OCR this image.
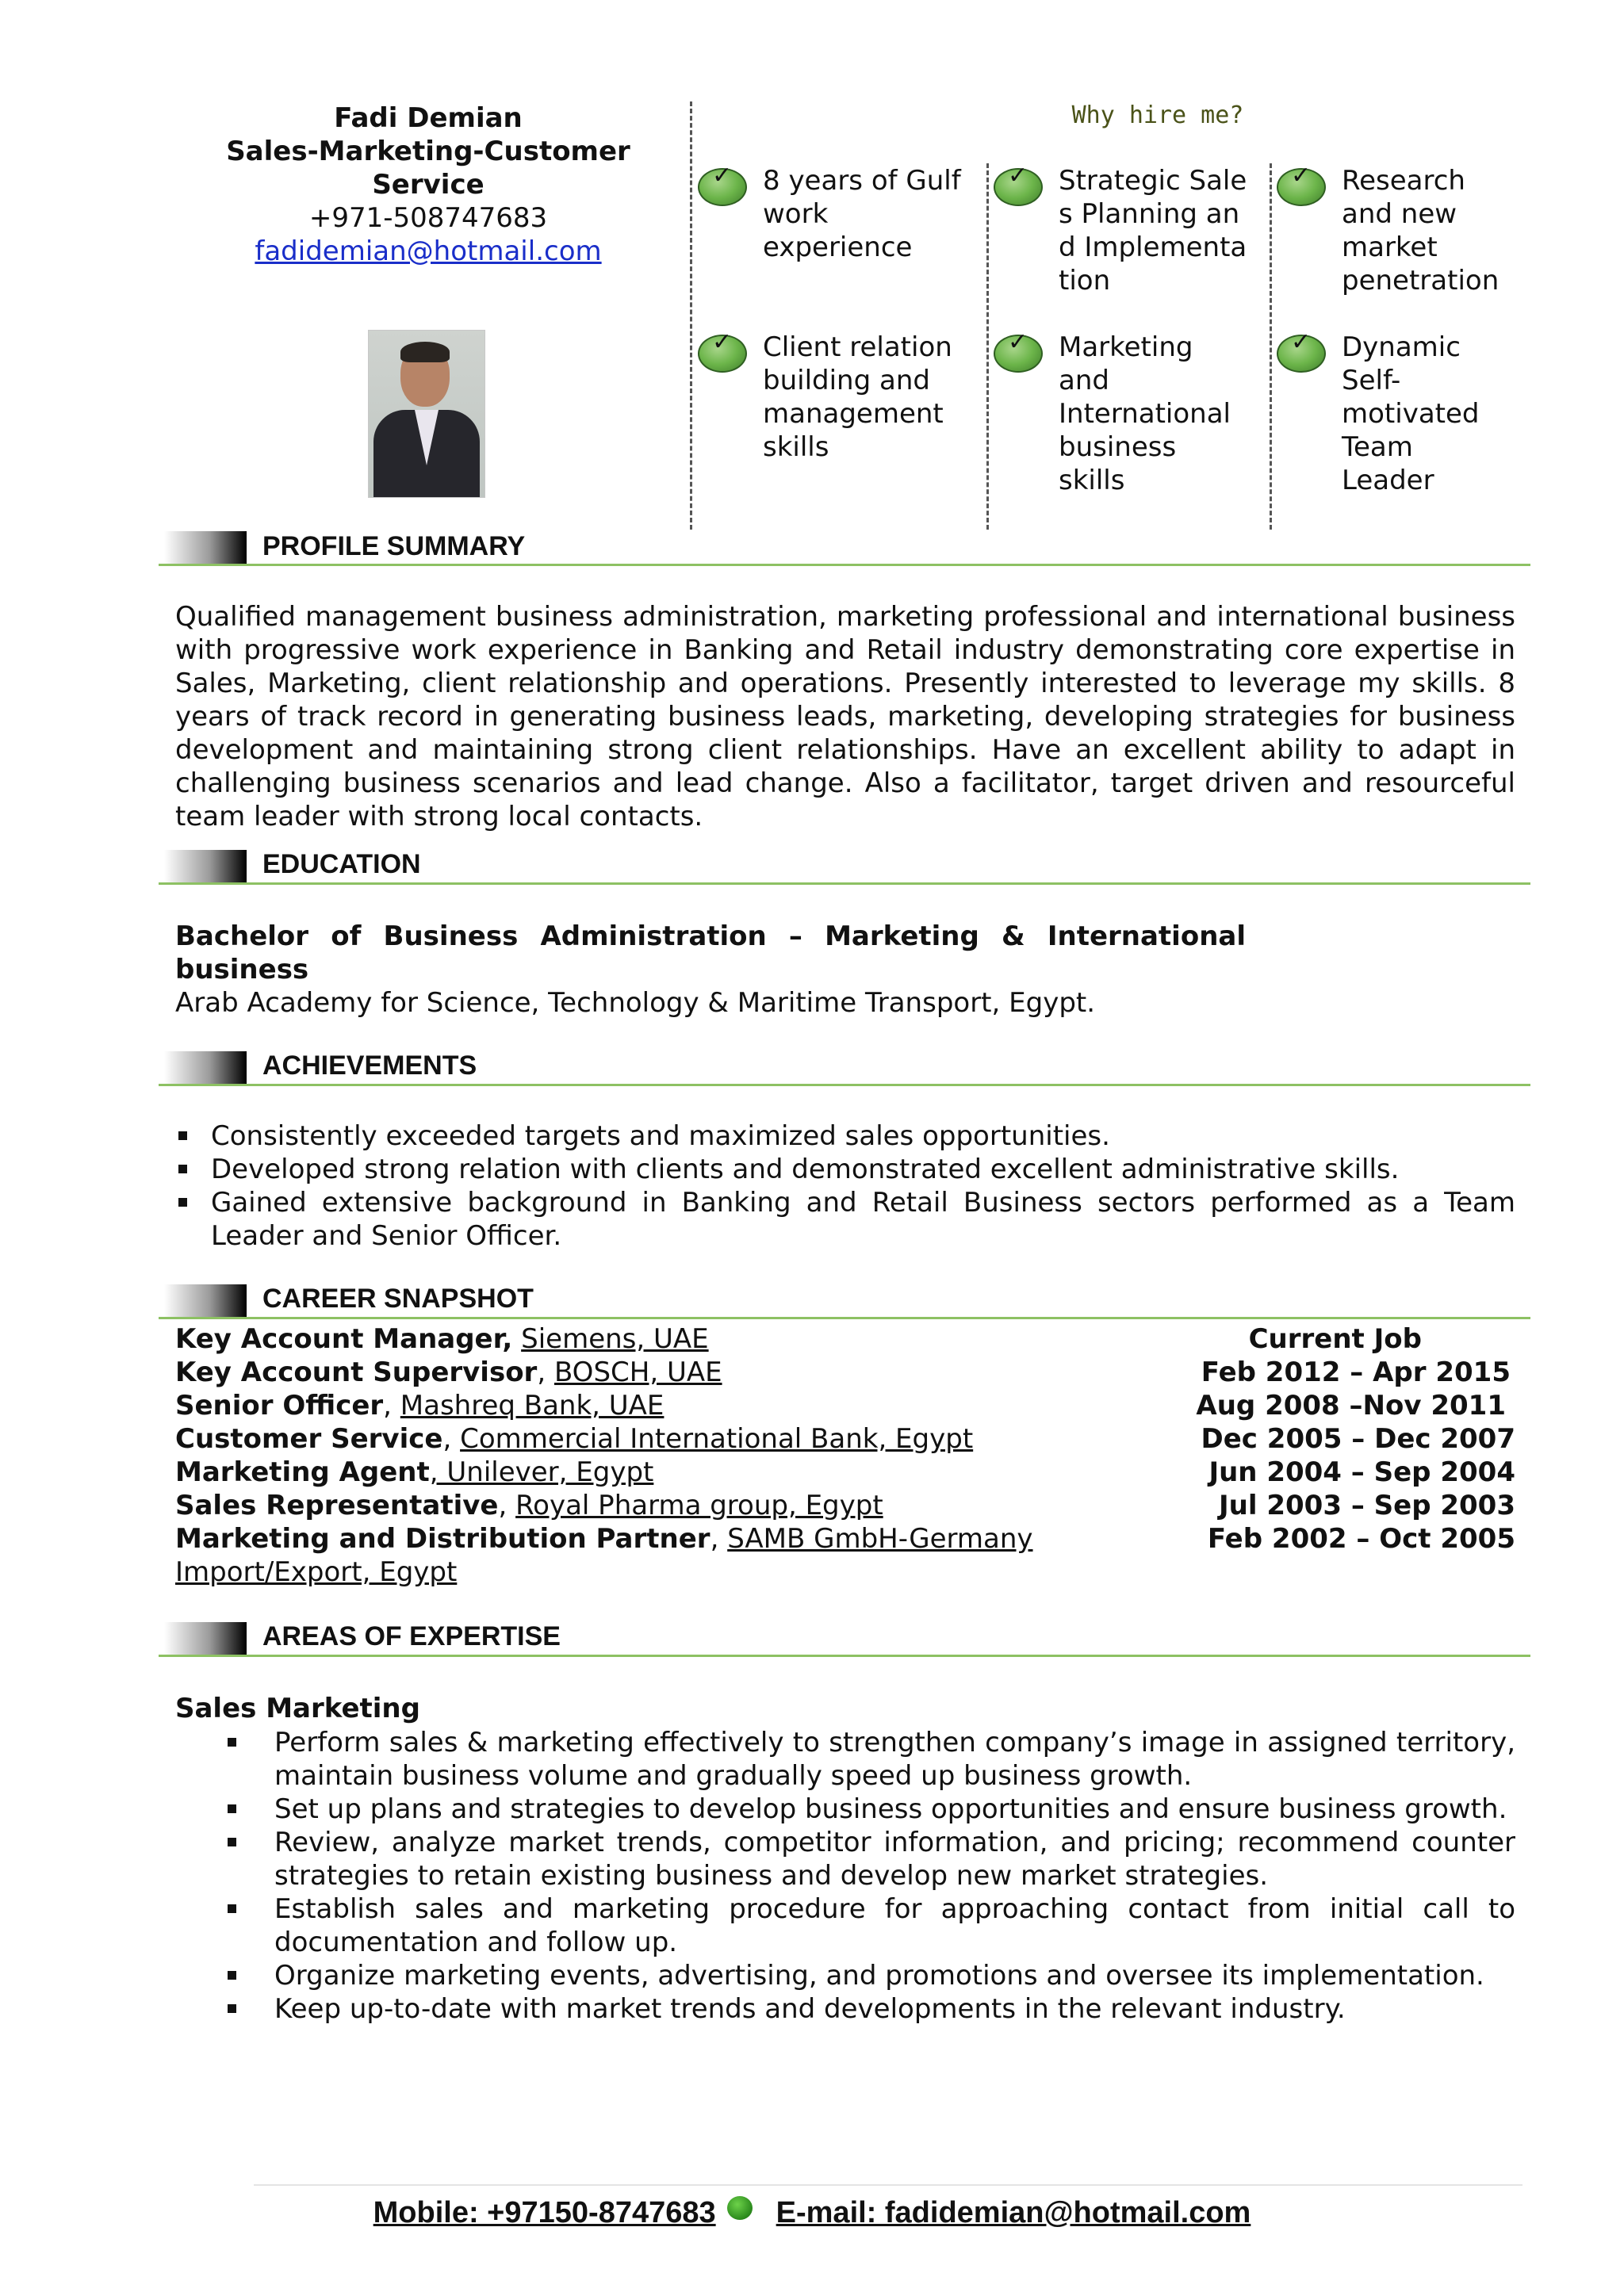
Fadi Demian
Sales-Marketing-Customer Service
+971-508747683
fadidemian@hotmail.com
Why hire me?
✓ 8 years of Gulf work experience
✓ Strategic Sales Planning and Implementation
✓ Research and new market penetration
✓ Client relation building and management skills
✓ Marketing and International business skills
✓ Dynamic Self-motivated Team Leader
PROFILE SUMMARY
Qualified management business administration, marketing professional and international business with progressive work experience in Banking and Retail industry demonstrating core expertise in Sales, Marketing, client relationship and operations. Presently interested to leverage my skills. 8 years of track record in generating business leads, marketing, developing strategies for business development and maintaining strong client relationships. Have an excellent ability to adapt in challenging business scenarios and lead change. Also a facilitator, target driven and resourceful team leader with strong local contacts.
EDUCATION
Bachelor of Business Administration – Marketing & International
business
Arab Academy for Science, Technology & Maritime Transport, Egypt.
ACHIEVEMENTS
Consistently exceeded targets and maximized sales opportunities.
Developed strong relation with clients and demonstrated excellent administrative skills.
Gained extensive background in Banking and Retail Business sectors performed as a Team Leader and Senior Officer.
CAREER SNAPSHOT
Key Account Manager, Siemens, UAE	Current Job
Key Account Supervisor, BOSCH, UAE	Feb 2012 – Apr 2015
Senior Officer, Mashreq Bank, UAE	Aug 2008 –Nov 2011
Customer Service, Commercial International Bank, Egypt	Dec 2005 – Dec 2007
Marketing Agent, Unilever, Egypt	Jun 2004 – Sep 2004
Sales Representative, Royal Pharma group, Egypt	Jul 2003 – Sep 2003
Marketing and Distribution Partner, SAMB GmbH-Germany	Feb 2002 – Oct 2005
Import/Export, Egypt
AREAS OF EXPERTISE
Sales Marketing
Perform sales & marketing effectively to strengthen company’s image in assigned territory, maintain business volume and gradually speed up business growth.
Set up plans and strategies to develop business opportunities and ensure business growth.
Review, analyze market trends, competitor information, and pricing; recommend counter strategies to retain existing business and develop new market strategies.
Establish sales and marketing procedure for approaching contact from initial call to documentation and follow up.
Organize marketing events, advertising, and promotions and oversee its implementation.
Keep up-to-date with market trends and developments in the relevant industry.
Mobile: +97150-8747683 E-mail: fadidemian@hotmail.com
